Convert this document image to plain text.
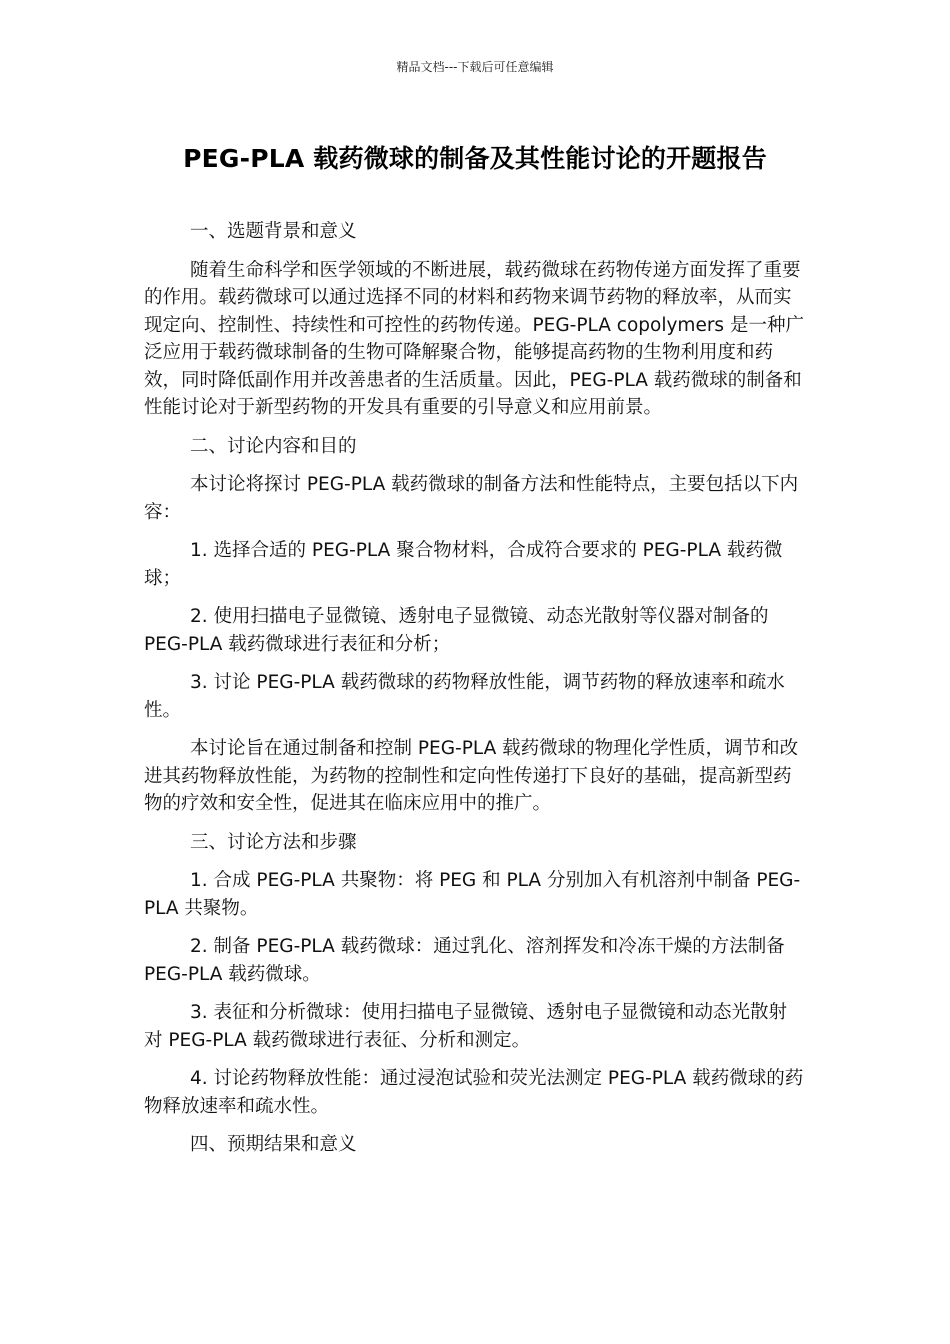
精品文档---下载后可任意编辑
PEG-PLA 载药微球的制备及其性能讨论的开题报告

一、选题背景和意义

随着生命科学和医学领域的不断进展，载药微球在药物传递方面发挥了重要的作用。载药微球可以通过选择不同的材料和药物来调节药物的释放率，从而实现定向、控制性、持续性和可控性的药物传递。PEG-PLA copolymers 是一种广泛应用于载药微球制备的生物可降解聚合物，能够提高药物的生物利用度和药效，同时降低副作用并改善患者的生活质量。因此，PEG-PLA 载药微球的制备和性能讨论对于新型药物的开发具有重要的引导意义和应用前景。

二、讨论内容和目的

本讨论将探讨 PEG-PLA 载药微球的制备方法和性能特点，主要包括以下内容：

1. 选择合适的 PEG-PLA 聚合物材料，合成符合要求的 PEG-PLA 载药微球；

2. 使用扫描电子显微镜、透射电子显微镜、动态光散射等仪器对制备的 PEG-PLA 载药微球进行表征和分析；

3. 讨论 PEG-PLA 载药微球的药物释放性能，调节药物的释放速率和疏水性。

本讨论旨在通过制备和控制 PEG-PLA 载药微球的物理化学性质，调节和改进其药物释放性能，为药物的控制性和定向性传递打下良好的基础，提高新型药物的疗效和安全性，促进其在临床应用中的推广。

三、讨论方法和步骤

1. 合成 PEG-PLA 共聚物：将 PEG 和 PLA 分别加入有机溶剂中制备 PEG-PLA 共聚物。

2. 制备 PEG-PLA 载药微球：通过乳化、溶剂挥发和冷冻干燥的方法制备 PEG-PLA 载药微球。

3. 表征和分析微球：使用扫描电子显微镜、透射电子显微镜和动态光散射对 PEG-PLA 载药微球进行表征、分析和测定。

4. 讨论药物释放性能：通过浸泡试验和荧光法测定 PEG-PLA 载药微球的药物释放速率和疏水性。

四、预期结果和意义
